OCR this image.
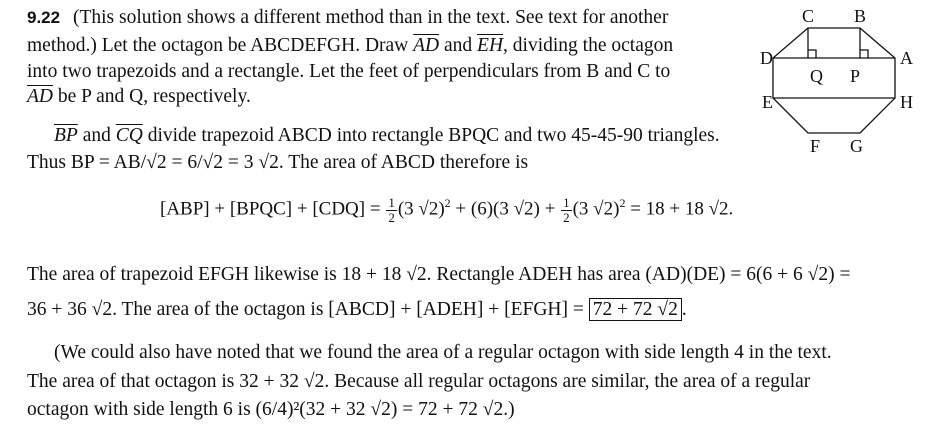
9.22 (This solution shows a different method than in the text. See text for another
method.) Let the octagon be ABCDEFGH. Draw $\overline{AD}$ and $\overline{EH}$, dividing the octagon
into two trapezoids and a rectangle. Let the feet of perpendiculars from B and C to
$\overline{AD}$ be P and Q, respectively.
$\overline{BP}$ and $\overline{CQ}$ divide trapezoid ABCD into rectangle BPQC and two 45-45-90 triangles.
Thus BP = AB/√2 = 6/√2 = 3 √2. The area of ABCD therefore is
[ABP] + [BPQC] + $[CDQ] = \frac{1}{2} (3$ √2)$^2$ + (6)(3 $√2) + \frac{1}{2} (3$ √2)$^2$ = 18 + 18 √2.
The area of trapezoid EFGH likewise is 18 + 18 √2. Rectangle ADEH has area (AD)(DE) = 6(6 + 6 √2) =
36 + 36 √2. The area of the octagon is [ABCD] + [ADEH] + [EFGH] = 72 + 72 √2 .
(We could also have noted that we found the area of a regular octagon with side length 4 in the text.
The area of that octagon is 32 + 32 √2. Because all regular octagons are similar, the area of a regular
octagon with side length 6 is (6/4)²(32 + 32 √2) = 72 + 72 √2.)
C B
D	A
Q P
E	H
F G
